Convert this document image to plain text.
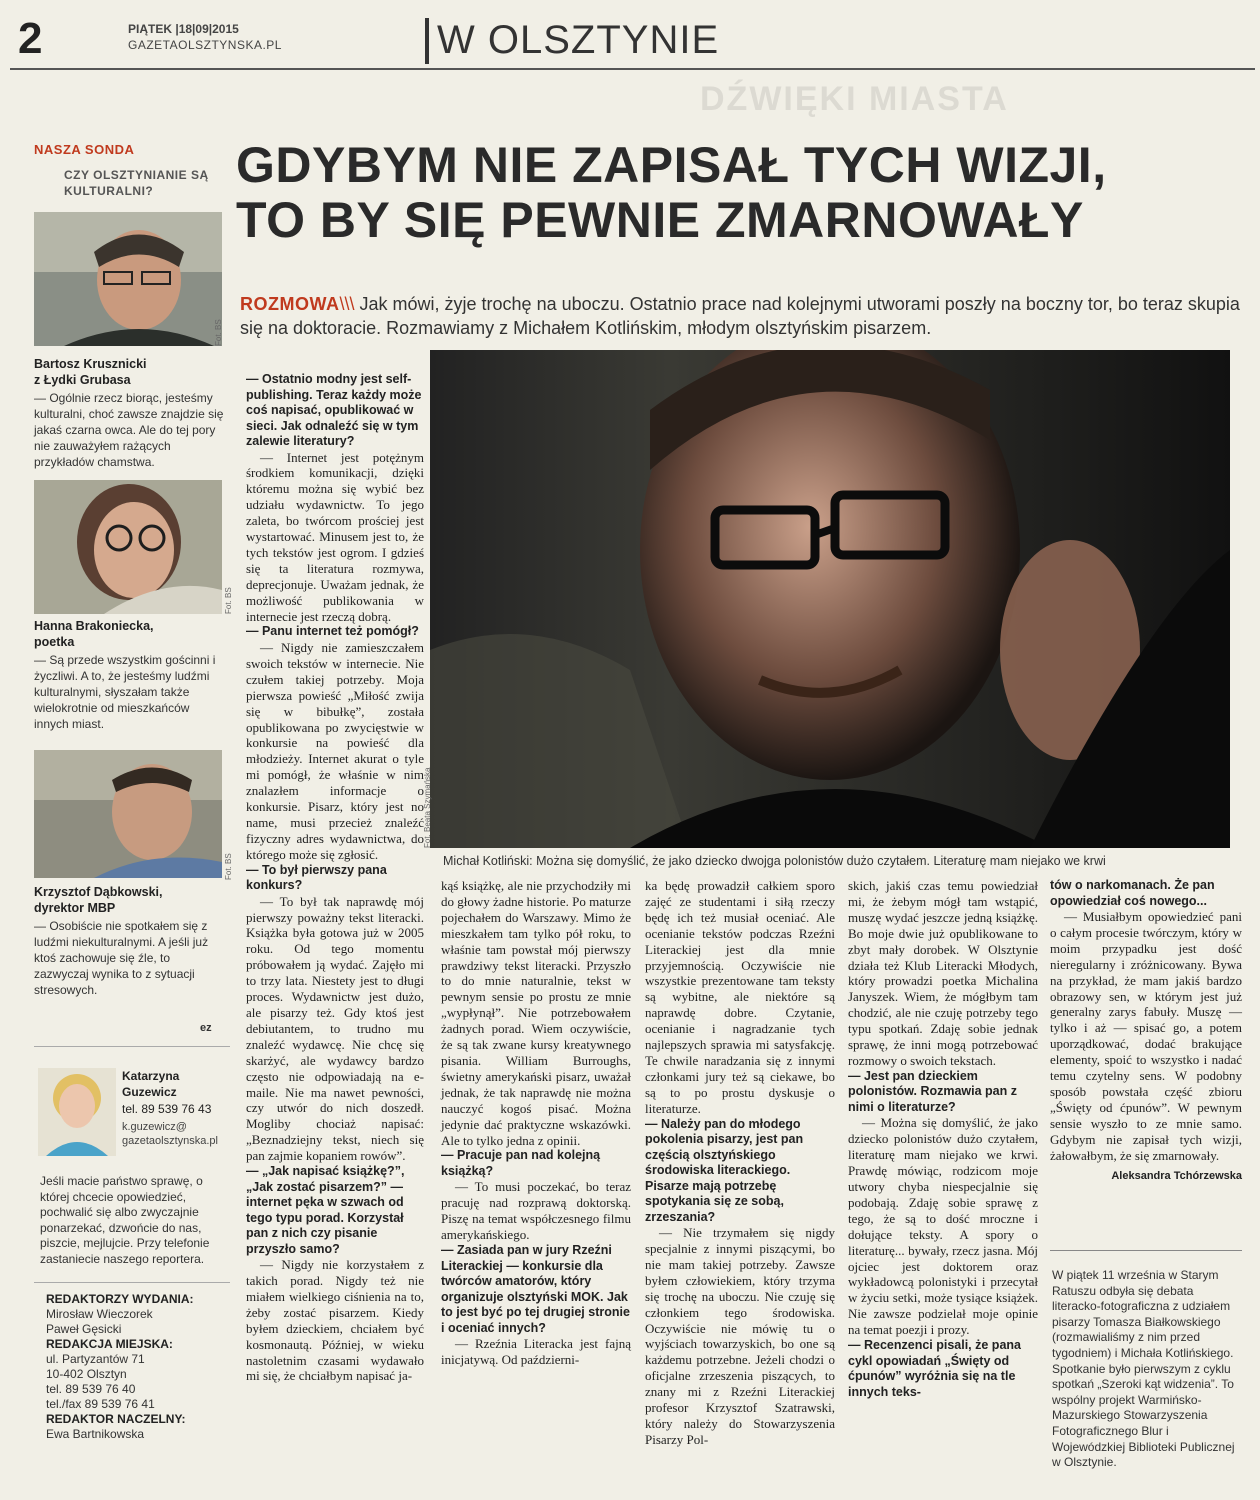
2	PIĄTEK |18|09|2015
GAZETAOLSZTYNSKA.PL	W OLSZTYNIE
DŹWIĘKI MIASTA
NASZA SONDA
CZY OLSZTYNIANIE SĄ KULTURALNI?
Fot. BS
Bartosz Krusznicki
z Łydki Grubasa
— Ogólnie rzecz biorąc, jesteśmy kulturalni, choć zawsze znajdzie się jakaś czarna owca. Ale do tej pory nie zauważyłem rażących przykładów chamstwa.
Fot. BS
Hanna Brakoniecka,
poetka
— Są przede wszystkim gościnni i życzliwi. A to, że jesteśmy ludźmi kulturalnymi, słyszałam także wielokrotnie od mieszkańców innych miast.
Fot. BS
Krzysztof Dąbkowski,
dyrektor MBP
— Osobiście nie spotkałem się z ludźmi niekulturalnymi. A jeśli już ktoś zachowuje się źle, to zazwyczaj wynika to z sytuacji stresowych.
ez
Katarzyna
Guzewicz
tel. 89 539 76 43
k.guzewicz@
gazetaolsztynska.pl
Jeśli macie państwo sprawę, o której chcecie opowiedzieć, pochwalić się albo zwyczajnie ponarzekać, dzwońcie do nas, piszcie, mejlujcie. Przy telefonie zastaniecie naszego reportera.
REDAKTORZY WYDANIA:
Mirosław Wieczorek
Paweł Gęsicki
REDAKCJA MIEJSKA:
ul. Partyzantów 71
10-402 Olsztyn
tel. 89 539 76 40
tel./fax 89 539 76 41
REDAKTOR NACZELNY:
Ewa Bartnikowska
GDYBYM NIE ZAPISAŁ TYCH WIZJI,
TO BY SIĘ PEWNIE ZMARNOWAŁY
ROZMOWA\\\ Jak mówi, żyje trochę na uboczu. Ostatnio prace nad kolejnymi utworami poszły na boczny tor, bo teraz skupia się na doktoracie. Rozmawiamy z Michałem Kotlińskim, młodym olsztyńskim pisarzem.
Fot. Beata Szymańska
Michał Kotliński: Można się domyślić, że jako dziecko dwojga polonistów dużo czytałem. Literaturę mam niejako we krwi

— Ostatnio modny jest self-publishing. Teraz każdy może coś napisać, opublikować w sieci. Jak odnaleźć się w tym zalewie literatury?

— Internet jest potężnym środkiem komunikacji, dzięki któremu można się wybić bez udziału wydawnictw. To jego zaleta, bo twórcom prościej jest wystartować. Minusem jest to, że tych tekstów jest ogrom. I gdzieś się ta literatura rozmywa, deprecjonuje. Uważam jednak, że możliwość publikowania w internecie jest rzeczą dobrą.

— Panu internet też pomógł?

— Nigdy nie zamieszczałem swoich tekstów w internecie. Nie czułem takiej potrzeby. Moja pierwsza powieść „Miłość zwija się w bibułkę”, została opublikowana po zwycięstwie w konkursie na powieść dla młodzieży. Internet akurat o tyle mi pomógł, że właśnie w nim znalazłem informacje o konkursie. Pisarz, który jest no name, musi przecież znaleźć fizyczny adres wydawnictwa, do którego może się zgłosić.

— To był pierwszy pana konkurs?

— To był tak naprawdę mój pierwszy poważny tekst literacki. Książka była gotowa już w 2005 roku. Od tego momentu próbowałem ją wydać. Zajęło mi to trzy lata. Niestety jest to długi proces. Wydawnictw jest dużo, ale pisarzy też. Gdy ktoś jest debiutantem, to trudno mu znaleźć wydawcę. Nie chcę się skarżyć, ale wydawcy bardzo często nie odpowiadają na e-maile. Nie ma nawet pewności, czy utwór do nich doszedł. Mogliby chociaż napisać: „Beznadziejny tekst, niech się pan zajmie kopaniem rowów”.

— „Jak napisać książkę?”, „Jak zostać pisarzem?” — internet pęka w szwach od tego typu porad. Korzystał pan z nich czy pisanie przyszło samo?

— Nigdy nie korzystałem z takich porad. Nigdy też nie miałem wielkiego ciśnienia na to, żeby zostać pisarzem. Kiedy byłem dzieckiem, chciałem być kosmonautą. Później, w wieku nastoletnim czasami wydawało mi się, że chciałbym napisać ja-

kąś książkę, ale nie przychodziły mi do głowy żadne historie. Po maturze pojechałem do Warszawy. Mimo że mieszkałem tam tylko pół roku, to właśnie tam powstał mój pierwszy prawdziwy tekst literacki. Przyszło to do mnie naturalnie, tekst w pewnym sensie po prostu ze mnie „wypłynął”. Nie potrzebowałem żadnych porad. Wiem oczywiście, że są tak zwane kursy kreatywnego pisania. William Burroughs, świetny amerykański pisarz, uważał jednak, że tak naprawdę nie można nauczyć kogoś pisać. Można jedynie dać praktyczne wskazówki. Ale to tylko jedna z opinii.

— Pracuje pan nad kolejną książką?

— To musi poczekać, bo teraz pracuję nad rozprawą doktorską. Piszę na temat współczesnego filmu amerykańskiego.

— Zasiada pan w jury Rzeźni Literackiej — konkursie dla twórców amatorów, który organizuje olsztyński MOK. Jak to jest być po tej drugiej stronie i oceniać innych?

— Rzeźnia Literacka jest fajną inicjatywą. Od październi-

ka będę prowadził całkiem sporo zajęć ze studentami i siłą rzeczy będę ich też musiał oceniać. Ale ocenianie tekstów podczas Rzeźni Literackiej jest dla mnie przyjemnością. Oczywiście nie wszystkie prezentowane tam teksty są wybitne, ale niektóre są naprawdę dobre. Czytanie, ocenianie i nagradzanie tych najlepszych sprawia mi satysfakcję. Te chwile naradzania się z innymi członkami jury też są ciekawe, bo są to po prostu dyskusje o literaturze.

— Należy pan do młodego pokolenia pisarzy, jest pan częścią olsztyńskiego środowiska literackiego. Pisarze mają potrzebę spotykania się ze sobą, zrzeszania?

— Nie trzymałem się nigdy specjalnie z innymi piszącymi, bo nie mam takiej potrzeby. Zawsze byłem człowiekiem, który trzyma się trochę na uboczu. Nie czuję się członkiem tego środowiska. Oczywiście nie mówię tu o wyjściach towarzyskich, bo one są każdemu potrzebne. Jeżeli chodzi o oficjalne zrzeszenia piszących, to znany mi z Rzeźni Literackiej profesor Krzysztof Szatrawski, który należy do Stowarzyszenia Pisarzy Pol-

skich, jakiś czas temu powiedział mi, że żebym mógł tam wstąpić, muszę wydać jeszcze jedną książkę. Bo moje dwie już opublikowane to zbyt mały dorobek. W Olsztynie działa też Klub Literacki Młodych, który prowadzi poetka Michalina Janyszek. Wiem, że mógłbym tam chodzić, ale nie czuję potrzeby tego typu spotkań. Zdaję sobie jednak sprawę, że inni mogą potrzebować rozmowy o swoich tekstach.

— Jest pan dzieckiem polonistów. Rozmawia pan z nimi o literaturze?

— Można się domyślić, że jako dziecko polonistów dużo czytałem, literaturę mam niejako we krwi. Prawdę mówiąc, rodzicom moje utwory chyba niespecjalnie się podobają. Zdaję sobie sprawę z tego, że są to dość mroczne i dołujące teksty. A spory o literaturę... bywały, rzecz jasna. Mój ojciec jest doktorem oraz wykładowcą polonistyki i przecytał w życiu setki, może tysiące książek. Nie zawsze podzielał moje opinie na temat poezji i prozy.

— Recenzenci pisali, że pana cykl opowiadań „Święty od ćpunów” wyróżnia się na tle innych teks-

tów o narkomanach. Że pan opowiedział coś nowego...

— Musiałbym opowiedzieć pani o całym procesie twórczym, który w moim przypadku jest dość nieregularny i zróżnicowany. Bywa na przykład, że mam jakiś bardzo obrazowy sen, w którym jest już generalny zarys fabuły. Muszę — tylko i aż — spisać go, a potem uporządkować, dodać brakujące elementy, spoić to wszystko i nadać temu czytelny sens. W podobny sposób powstała część zbioru „Święty od ćpunów”. W pewnym sensie wyszło to ze mnie samo. Gdybym nie zapisał tych wizji, żałowałbym, że się zmarnowały.

Aleksandra Tchórzewska

W piątek 11 września w Starym Ratuszu odbyła się debata literacko-fotograficzna z udziałem pisarzy Tomasza Białkowskiego (rozmawialiśmy z nim przed tygodniem) i Michała Kotlińskiego. Spotkanie było pierwszym z cyklu spotkań „Szeroki kąt widzenia”. To wspólny projekt Warmińsko-Mazurskiego Stowarzyszenia Fotograficznego Blur i Wojewódzkiej Biblioteki Publicznej w Olsztynie.
